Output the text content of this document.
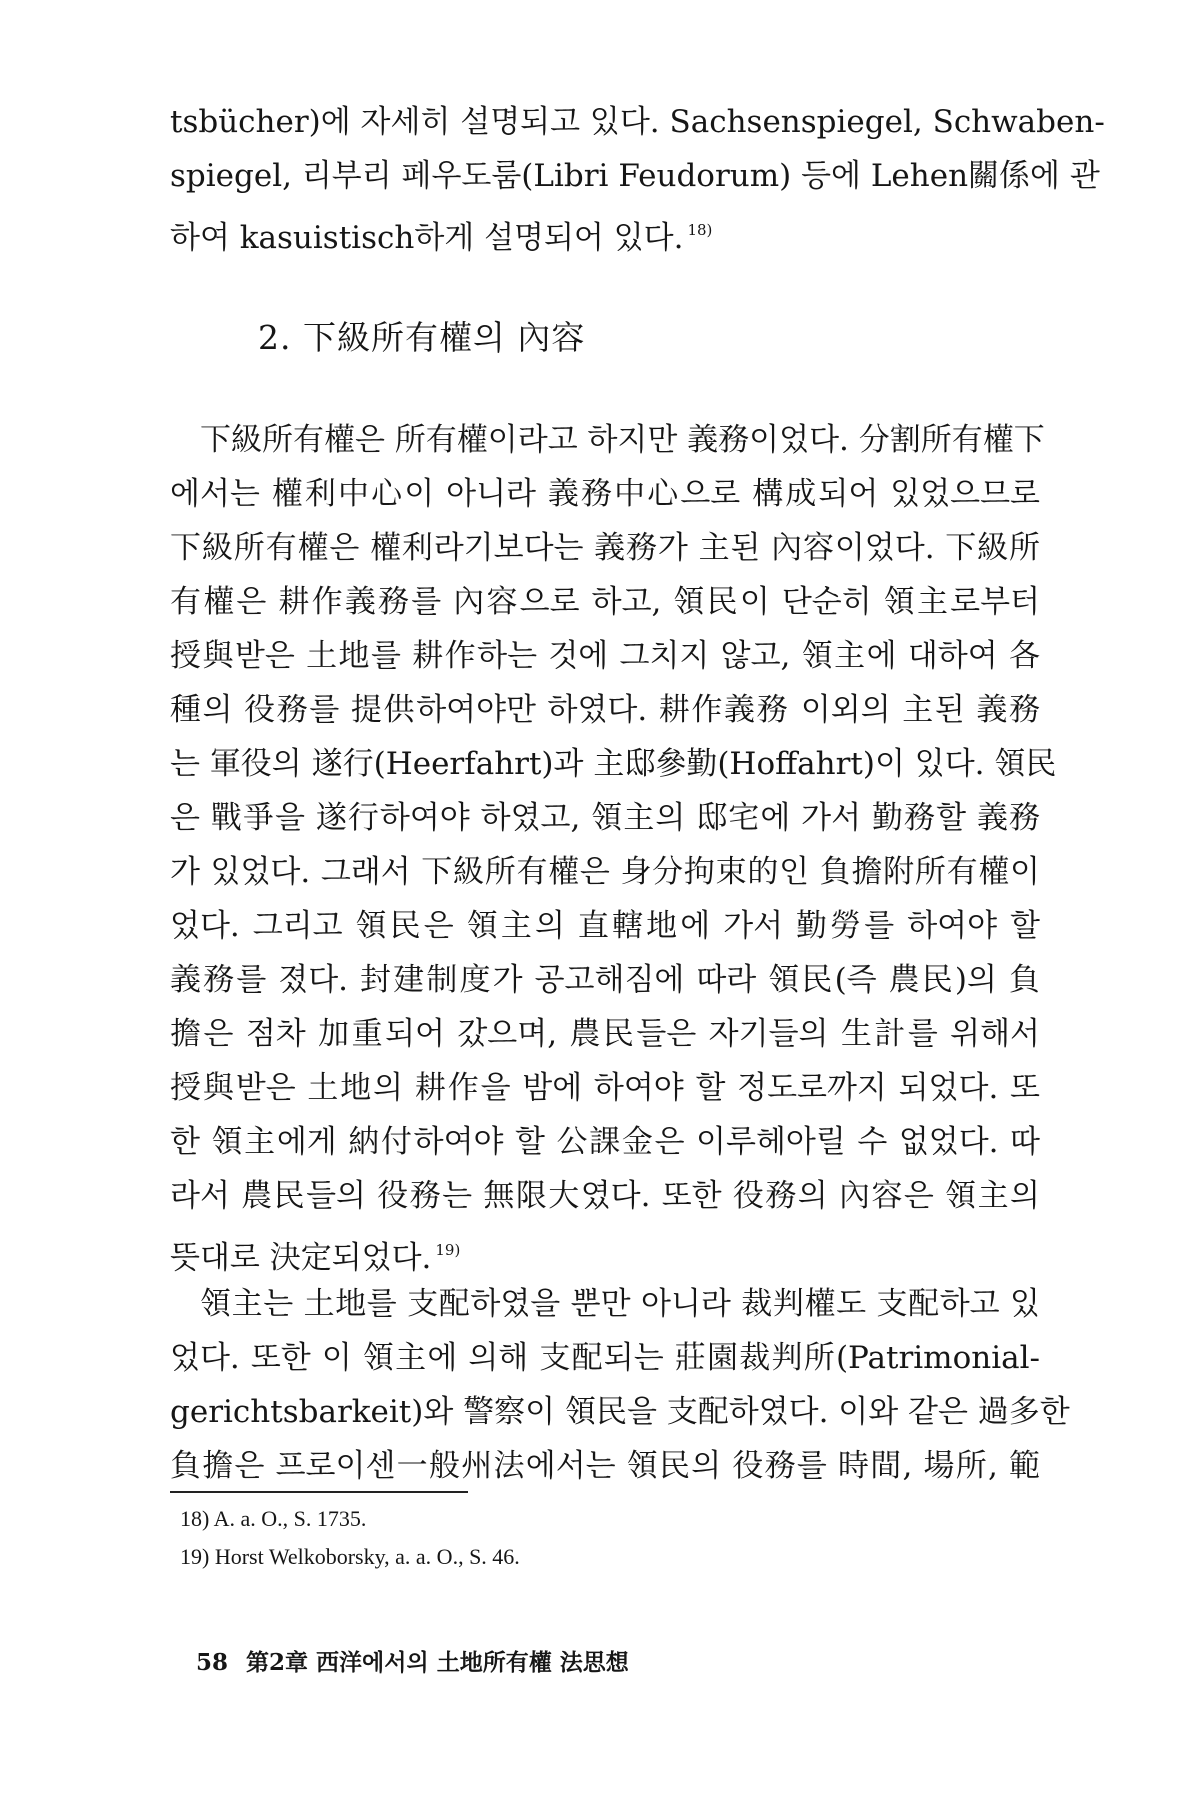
tsbücher)에 자세히 설명되고 있다. Sachsenspiegel, Schwaben-
spiegel, 리부리 페우도룸(Libri Feudorum) 등에 Lehen關係에 관
하여 kasuistisch하게 설명되어 있다. $^{18)}$
2. 下級所有權의 內容
下級所有權은 所有權이라고 하지만 義務이었다. 分割所有權下
에서는 權利中心이 아니라 義務中心으로 構成되어 있었으므로
下級所有權은 權利라기보다는 義務가 主된 內容이었다. 下級所
有權은 耕作義務를 內容으로 하고, 領民이 단순히 領主로부터
授與받은 土地를 耕作하는 것에 그치지 않고, 領主에 대하여 各
種의 役務를 提供하여야만 하였다. 耕作義務 이외의 主된 義務
는 軍役의 遂行(Heerfahrt)과 主邸參勤(Hoffahrt)이 있다. 領民
은 戰爭을 遂行하여야 하였고, 領主의 邸宅에 가서 勤務할 義務
가 있었다. 그래서 下級所有權은 身分拘束的인 負擔附所有權이
었다. 그리고 領民은 領主의 直轄地에 가서 勤勞를 하여야 할
義務를 졌다. 封建制度가 공고해짐에 따라 領民(즉 農民)의 負
擔은 점차 加重되어 갔으며, 農民들은 자기들의 生計를 위해서
授與받은 土地의 耕作을 밤에 하여야 할 정도로까지 되었다. 또
한 領主에게 納付하여야 할 公課金은 이루헤아릴 수 없었다. 따
라서 農民들의 役務는 無限大였다. 또한 役務의 內容은 領主의
뜻대로 決定되었다. $^{19)}$
領主는 土地를 支配하였을 뿐만 아니라 裁判權도 支配하고 있
었다. 또한 이 領主에 의해 支配되는 莊園裁判所(Patrimonial-
gerichtsbarkeit)와 警察이 領民을 支配하였다. 이와 같은 過多한
負擔은 프로이센一般州法에서는 領民의 役務를 時間, 場所, 範
18) A. a. O., S. 1735.
19) Horst Welkoborsky, a. a. O., S. 46.
58 第2章 西洋에서의 土地所有權 法思想
